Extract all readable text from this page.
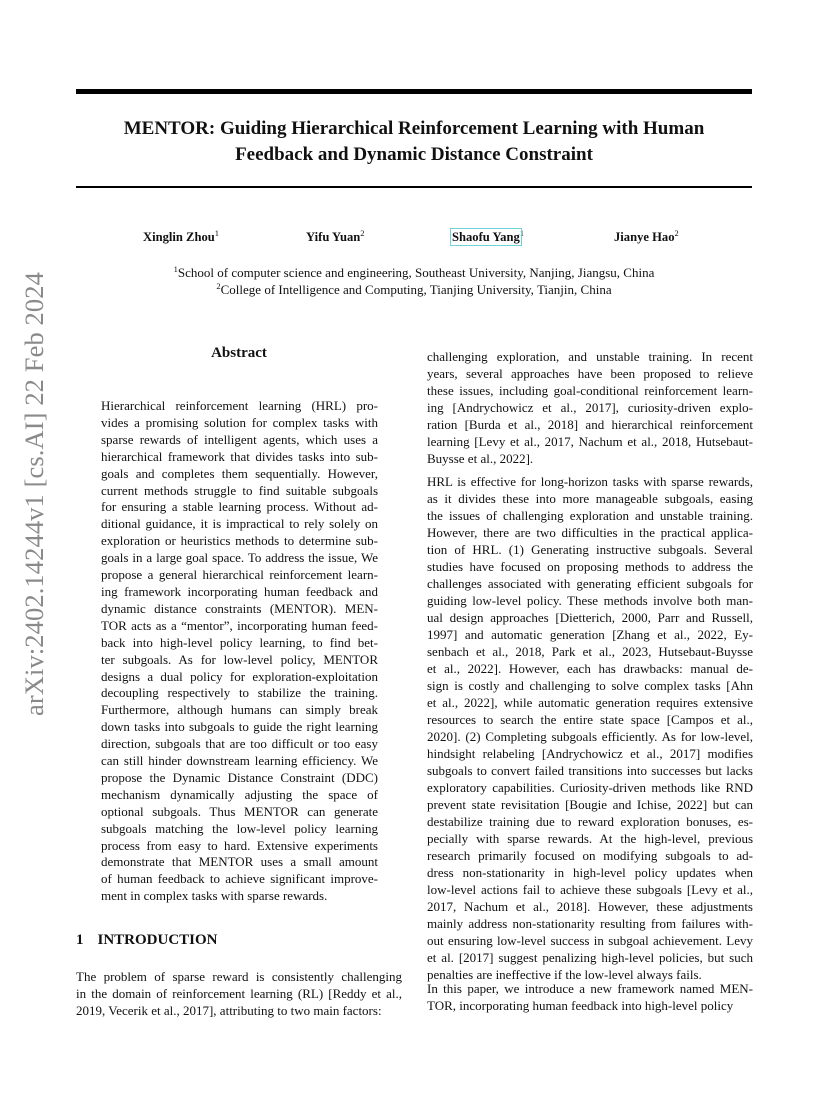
MENTOR: Guiding Hierarchical Reinforcement Learning with Human
Feedback and Dynamic Distance Constraint
Xinglin Zhou$^1$	Yifu Yuan$^2$	Shaofu Yang$^1$	Jianye Hao$^2$
$^1$School of computer science and engineering, Southeast University, Nanjing, Jiangsu, China
$^2$College of Intelligence and Computing, Tianjing University, Tianjin, China
arXiv:2402.14244v1 [cs.AI] 22 Feb 2024	Abstract
Hierarchical reinforcement learning (HRL) pro-
vides a promising solution for complex tasks with
sparse rewards of intelligent agents, which uses a
hierarchical framework that divides tasks into sub-
goals and completes them sequentially. However,
current methods struggle to find suitable subgoals
for ensuring a stable learning process. Without ad-
ditional guidance, it is impractical to rely solely on
exploration or heuristics methods to determine sub-
goals in a large goal space. To address the issue, We
propose a general hierarchical reinforcement learn-
ing framework incorporating human feedback and
dynamic distance constraints (MENTOR). MEN-
TOR acts as a “mentor”, incorporating human feed-
back into high-level policy learning, to find bet-
ter subgoals. As for low-level policy, MENTOR
designs a dual policy for exploration-exploitation
decoupling respectively to stabilize the training.
Furthermore, although humans can simply break
down tasks into subgoals to guide the right learning
direction, subgoals that are too difficult or too easy
can still hinder downstream learning efficiency. We
propose the Dynamic Distance Constraint (DDC)
mechanism dynamically adjusting the space of
optional subgoals. Thus MENTOR can generate
subgoals matching the low-level policy learning
process from easy to hard. Extensive experiments
demonstrate that MENTOR uses a small amount
of human feedback to achieve significant improve-
ment in complex tasks with sparse rewards.
1 INTRODUCTION
The problem of sparse reward is consistently challenging
in the domain of reinforcement learning (RL) [Reddy et al.,
2019, Vecerik et al., 2017], attributing to two main factors:
challenging exploration, and unstable training. In recent
years, several approaches have been proposed to relieve
these issues, including goal-conditional reinforcement learn-
ing [Andrychowicz et al., 2017], curiosity-driven explo-
ration [Burda et al., 2018] and hierarchical reinforcement
learning [Levy et al., 2017, Nachum et al., 2018, Hutsebaut-
Buysse et al., 2022].
HRL is effective for long-horizon tasks with sparse rewards,
as it divides these into more manageable subgoals, easing
the issues of challenging exploration and unstable training.
However, there are two difficulties in the practical applica-
tion of HRL. (1) Generating instructive subgoals. Several
studies have focused on proposing methods to address the
challenges associated with generating efficient subgoals for
guiding low-level policy. These methods involve both man-
ual design approaches [Dietterich, 2000, Parr and Russell,
1997] and automatic generation [Zhang et al., 2022, Ey-
senbach et al., 2018, Park et al., 2023, Hutsebaut-Buysse
et al., 2022]. However, each has drawbacks: manual de-
sign is costly and challenging to solve complex tasks [Ahn
et al., 2022], while automatic generation requires extensive
resources to search the entire state space [Campos et al.,
2020]. (2) Completing subgoals efficiently. As for low-level,
hindsight relabeling [Andrychowicz et al., 2017] modifies
subgoals to convert failed transitions into successes but lacks
exploratory capabilities. Curiosity-driven methods like RND
prevent state revisitation [Bougie and Ichise, 2022] but can
destabilize training due to reward exploration bonuses, es-
pecially with sparse rewards. At the high-level, previous
research primarily focused on modifying subgoals to ad-
dress non-stationarity in high-level policy updates when
low-level actions fail to achieve these subgoals [Levy et al.,
2017, Nachum et al., 2018]. However, these adjustments
mainly address non-stationarity resulting from failures with-
out ensuring low-level success in subgoal achievement. Levy
et al. [2017] suggest penalizing high-level policies, but such
penalties are ineffective if the low-level always fails.
In this paper, we introduce a new framework named MEN-
TOR, incorporating human feedback into high-level policy
